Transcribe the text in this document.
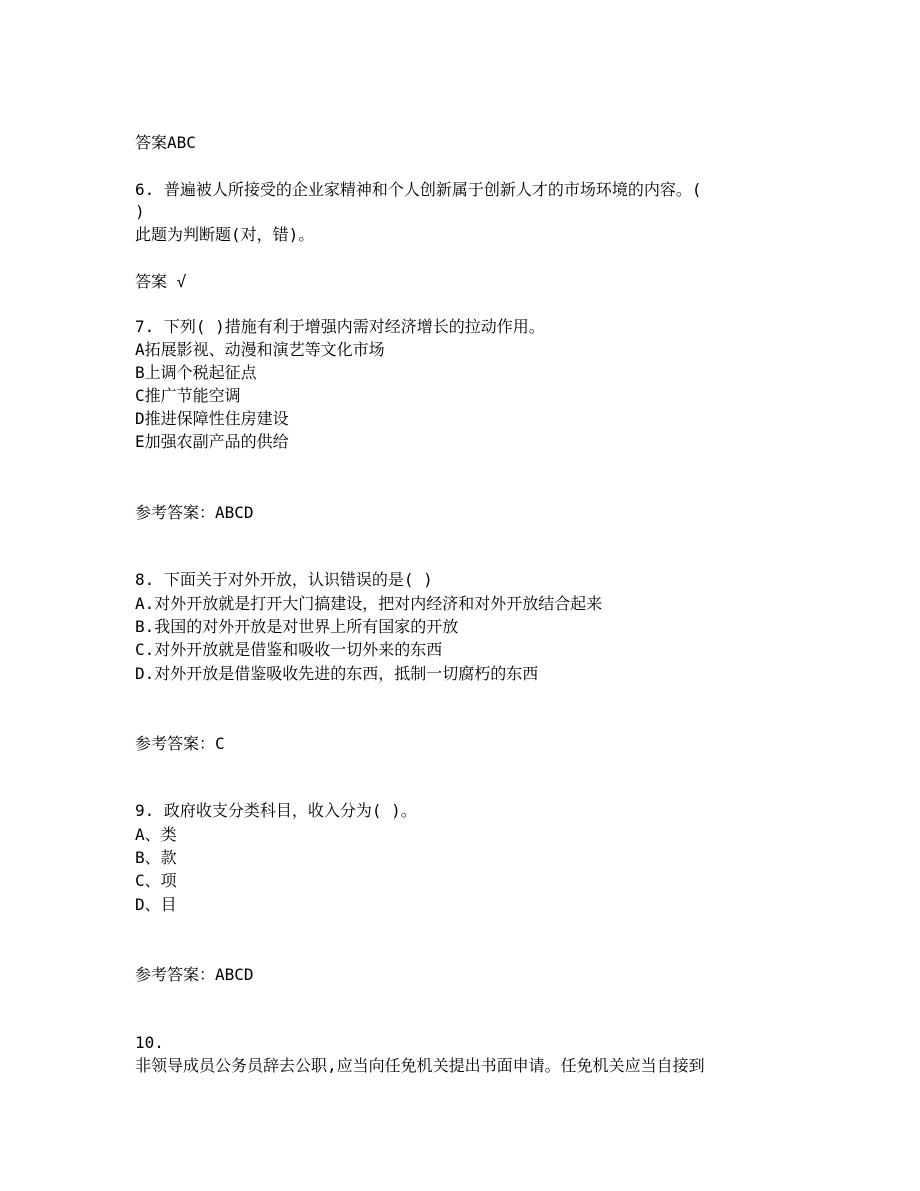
答案ABC

6. 普遍被人所接受的企业家精神和个人创新属于创新人才的市场环境的内容。(

)

此题为判断题(对，错)。

答案 √

7. 下列( )措施有利于增强内需对经济增长的拉动作用。

A拓展影视、动漫和演艺等文化市场

B上调个税起征点

C推广节能空调

D推进保障性住房建设

E加强农副产品的供给

参考答案：ABCD

8. 下面关于对外开放，认识错误的是( )

A.对外开放就是打开大门搞建设，把对内经济和对外开放结合起来

B.我国的对外开放是对世界上所有国家的开放

C.对外开放就是借鉴和吸收一切外来的东西

D.对外开放是借鉴吸收先进的东西，抵制一切腐朽的东西

参考答案：C

9. 政府收支分类科目，收入分为( )。

A、类

B、款

C、项

D、目

参考答案：ABCD

10.

非领导成员公务员辞去公职,应当向任免机关提出书面申请。任免机关应当自接到
